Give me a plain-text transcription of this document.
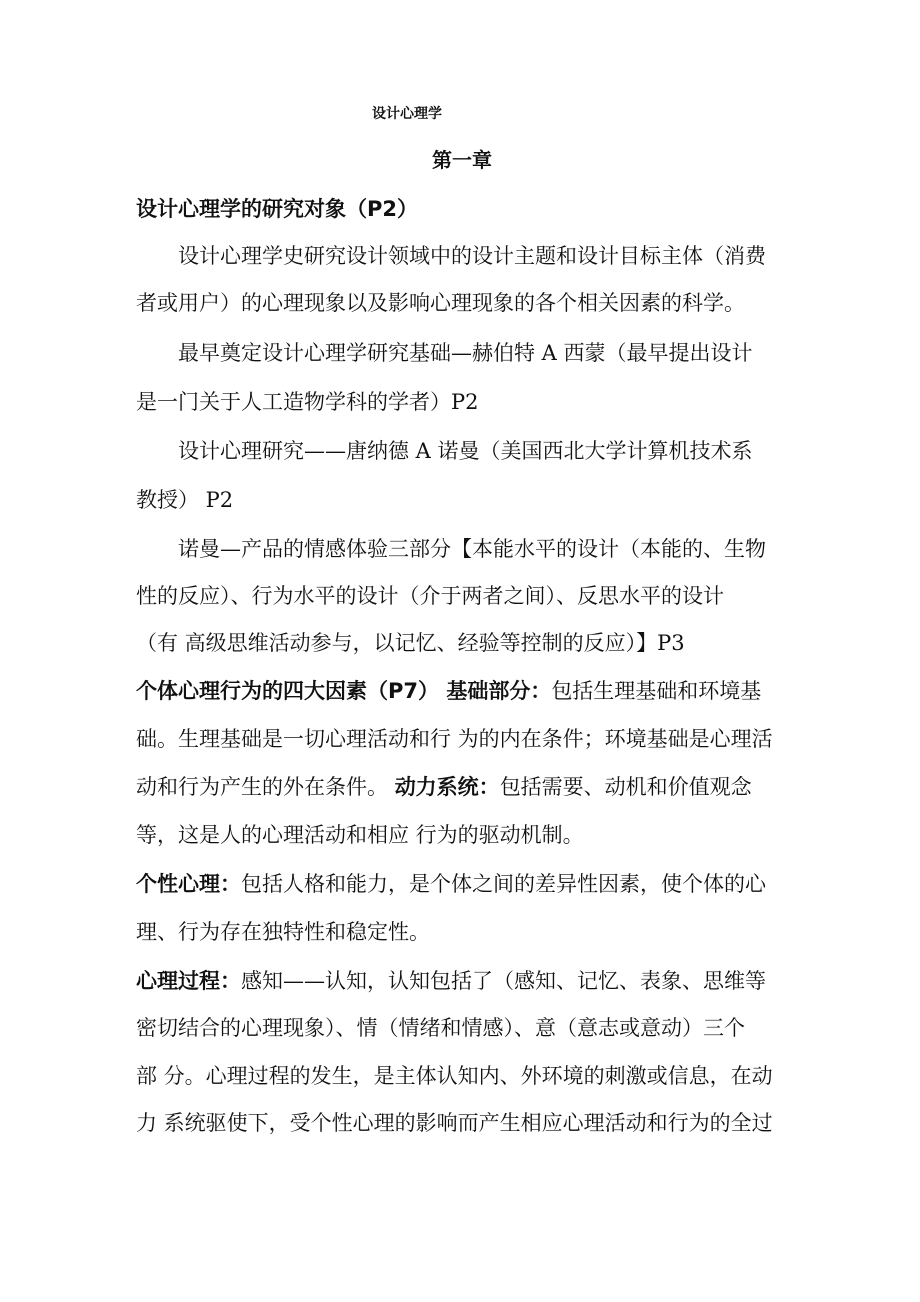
设计心理学
第一章
设计心理学的研究对象（P2）
设计心理学史研究设计领域中的设计主题和设计目标主体（消费
者或用户）的心理现象以及影响心理现象的各个相关因素的科学。
最早奠定设计心理学研究基础—赫伯特 A 西蒙（最早提出设计
是一门关于人工造物学科的学者）P2
设计心理研究——唐纳德 A 诺曼（美国西北大学计算机技术系
教授） P2
诺曼—产品的情感体验三部分【本能水平的设计（本能的、生物
性的反应）、行为水平的设计（介于两者之间）、反思水平的设计
（有 高级思维活动参与，以记忆、经验等控制的反应）】P3
个体心理行为的四大因素（P7） 基础部分：包括生理基础和环境基
础。生理基础是一切心理活动和行 为的内在条件；环境基础是心理活
动和行为产生的外在条件。 动力系统：包括需要、动机和价值观念
等，这是人的心理活动和相应 行为的驱动机制。
个性心理：包括人格和能力，是个体之间的差异性因素，使个体的心
理、行为存在独特性和稳定性。
心理过程：感知——认知，认知包括了（感知、记忆、表象、思维等
密切结合的心理现象）、情（情绪和情感）、意（意志或意动）三个
部 分。心理过程的发生，是主体认知内、外环境的刺激或信息，在动
力 系统驱使下，受个性心理的影响而产生相应心理活动和行为的全过
